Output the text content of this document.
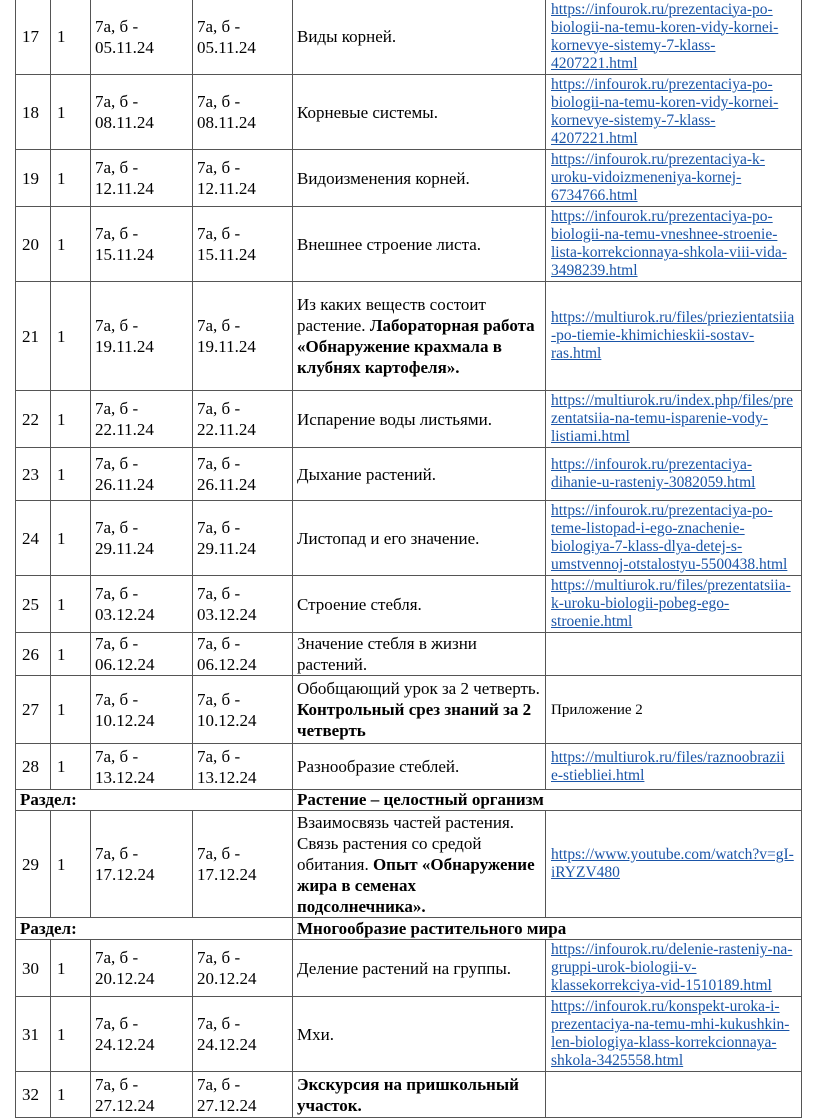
17	1	7а, б - 05.11.24	7а, б - 05.11.24	Виды корней.	https://infourok.ru/prezentaciya-po-biologii-na-temu-koren-vidy-kornei-kornevye-sistemy-7-klass-4207221.html
18	1	7а, б - 08.11.24	7а, б - 08.11.24	Корневые системы.	https://infourok.ru/prezentaciya-po-biologii-na-temu-koren-vidy-kornei-kornevye-sistemy-7-klass-4207221.html
19	1	7а, б - 12.11.24	7а, б - 12.11.24	Видоизменения корней.	https://infourok.ru/prezentaciya-k-uroku-vidoizmeneniya-kornej-6734766.html
20	1	7а, б - 15.11.24	7а, б - 15.11.24	Внешнее строение листа.	https://infourok.ru/prezentaciya-po-biologii-na-temu-vneshnee-stroenie-lista-korrekcionnaya-shkola-viii-vida-3498239.html
21	1	7а, б - 19.11.24	7а, б - 19.11.24	Из каких веществ состоит растение. Лабораторная работа «Обнаружение крахмала в клубнях картофеля».	https://multiurok.ru/files/priezientatsiia-po-tiemie-khimichieskii-sostav-ras.html
22	1	7а, б - 22.11.24	7а, б - 22.11.24	Испарение воды листьями.	https://multiurok.ru/index.php/files/prezentatsiia-na-temu-isparenie-vody-listiami.html
23	1	7а, б - 26.11.24	7а, б - 26.11.24	Дыхание растений.	https://infourok.ru/prezentaciya-dihanie-u-rasteniy-3082059.html
24	1	7а, б - 29.11.24	7а, б - 29.11.24	Листопад и его значение.	https://infourok.ru/prezentaciya-po-teme-listopad-i-ego-znachenie-biologiya-7-klass-dlya-detej-s-umstvennoj-otstalostyu-5500438.html
25	1	7а, б - 03.12.24	7а, б - 03.12.24	Строение стебля.	https://multiurok.ru/files/prezentatsiia-k-uroku-biologii-pobeg-ego-stroenie.html
26	1	7а, б - 06.12.24	7а, б - 06.12.24	Значение стебля в жизни растений.	
27	1	7а, б - 10.12.24	7а, б - 10.12.24	Обобщающий урок за 2 четверть. Контрольный срез знаний за 2 четверть	Приложение 2
28	1	7а, б - 13.12.24	7а, б - 13.12.24	Разнообразие стеблей.	https://multiurok.ru/files/raznoobrazii e-stiebliei.html
Раздел:				Растение – целостный организм	
29	1	7а, б - 17.12.24	7а, б - 17.12.24	Взаимосвязь частей растения. Связь растения со средой обитания. Опыт «Обнаружение жира в семенах подсолнечника».	https://www.youtube.com/watch?v=gI-iRYZV480
Раздел:				Многообразие растительного мира	
30	1	7а, б - 20.12.24	7а, б - 20.12.24	Деление растений на группы.	https://infourok.ru/delenie-rasteniy-na-gruppi-urok-biologii-v-klassekorrekciya-vid-1510189.html
31	1	7а, б - 24.12.24	7а, б - 24.12.24	Мхи.	https://infourok.ru/konspekt-uroka-i-prezentaciya-na-temu-mhi-kukushkin-len-biologiya-klass-korrekcionnaya-shkola-3425558.html
32	1	7а, б - 27.12.24	7а, б - 27.12.24	Экскурсия на пришкольный участок.	
